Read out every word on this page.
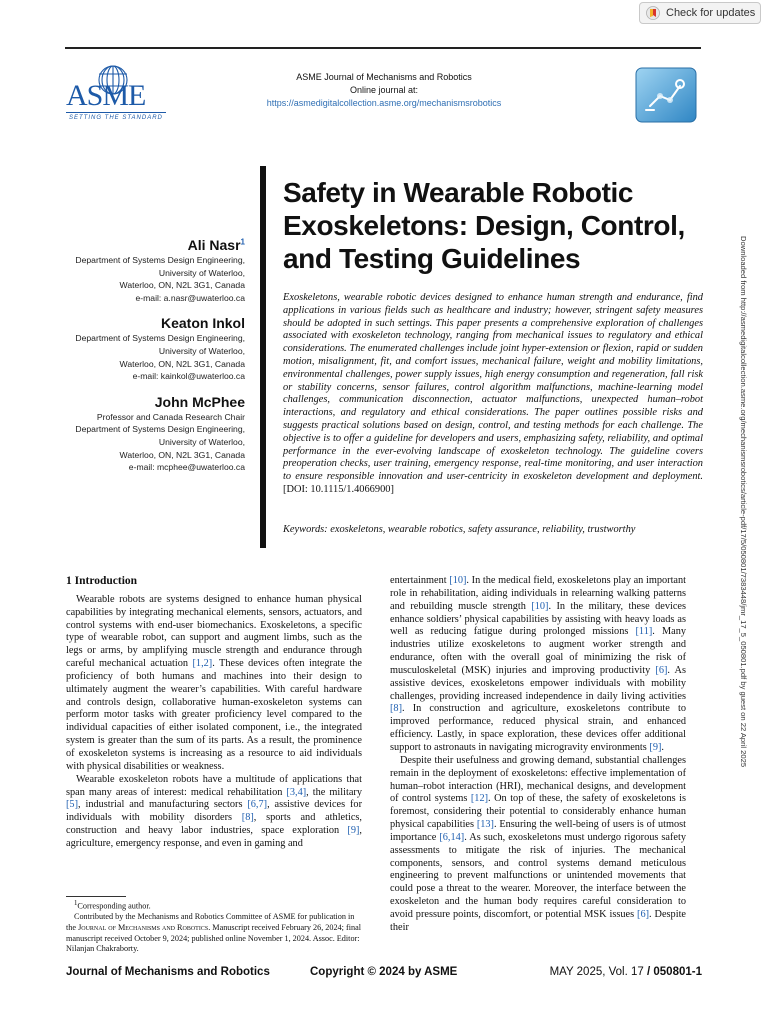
Check for updates
ASME
SETTING THE STANDARD
ASME Journal of Mechanisms and Robotics
Online journal at:
https://asmedigitalcollection.asme.org/mechanismsrobotics
Safety in Wearable Robotic
Exoskeletons: Design, Control,
and Testing Guidelines
Ali Nasr$^1$
Department of Systems Design Engineering,
University of Waterloo,
Waterloo, ON, N2L 3G1, Canada
e-mail: a.nasr@uwaterloo.ca
Keaton Inkol
Department of Systems Design Engineering,
University of Waterloo,
Waterloo, ON, N2L 3G1, Canada
e-mail: kainkol@uwaterloo.ca
John McPhee
Professor and Canada Research Chair
Department of Systems Design Engineering,
University of Waterloo,
Waterloo, ON, N2L 3G1, Canada
e-mail: mcphee@uwaterloo.ca
Exoskeletons, wearable robotic devices designed to enhance human strength and endurance, find applications in various fields such as healthcare and industry; however, stringent safety measures should be adopted in such settings. This paper presents a comprehensive exploration of challenges associated with exoskeleton technology, ranging from mechanical issues to regulatory and ethical considerations. The enumerated challenges include joint hyper-extension or flexion, rapid or sudden motion, misalignment, fit, and comfort issues, mechanical failure, weight and mobility limitations, environmental challenges, power supply issues, high energy consumption and regeneration, fall risk or stability concerns, sensor failures, control algorithm malfunctions, machine-learning model challenges, communication disconnection, actuator malfunctions, unexpected human–robot interactions, and regulatory and ethical considerations. The paper outlines possible risks and suggests practical solutions based on design, control, and testing methods for each challenge. The objective is to offer a guideline for developers and users, emphasizing safety, reliability, and optimal performance in the ever-evolving landscape of exoskeleton technology. The guideline covers preoperation checks, user training, emergency response, real-time monitoring, and user interaction to ensure responsible innovation and user-centricity in exoskeleton development and deployment. [DOI: 10.1115/1.4066900]
Keywords: exoskeletons, wearable robotics, safety assurance, reliability, trustworthy
1 Introduction

Wearable robots are systems designed to enhance human physical capabilities by integrating mechanical elements, sensors, actuators, and control systems with end-user biomechanics. Exoskeletons, a specific type of wearable robot, can support and augment limbs, such as the legs or arms, by amplifying muscle strength and endurance through careful mechanical actuation [1,2]. These devices often integrate the proficiency of both humans and machines into their design to ultimately augment the wearer’s capabilities. With careful hardware and controls design, collaborative human-exoskeleton systems can perform motor tasks with greater proficiency level compared to the individual capacities of either isolated component, i.e., the integrated system is greater than the sum of its parts. As a result, the prominence of exoskeleton systems is increasing as a resource to aid individuals with physical disabilities or weakness.

Wearable exoskeleton robots have a multitude of applications that span many areas of interest: medical rehabilitation [3,4], the military [5], industrial and manufacturing sectors [6,7], assistive devices for individuals with mobility disorders [8], sports and athletics, construction and heavy labor industries, space exploration [9], agriculture, emergency response, and even in gaming and

entertainment [10]. In the medical field, exoskeletons play an important role in rehabilitation, aiding individuals in relearning walking patterns and rebuilding muscle strength [10]. In the military, these devices enhance soldiers’ physical capabilities by assisting with heavy loads as well as reducing fatigue during prolonged missions [11]. Many industries utilize exoskeletons to augment worker strength and endurance, often with the overall goal of minimizing the risk of musculoskeletal (MSK) injuries and improving productivity [6]. As assistive devices, exoskeletons empower individuals with mobility challenges, providing increased independence in daily living activities [8]. In construction and agriculture, exoskeletons contribute to improved performance, reduced physical strain, and enhanced efficiency. Lastly, in space exploration, these devices offer additional support to astronauts in navigating microgravity environments [9].

Despite their usefulness and growing demand, substantial challenges remain in the deployment of exoskeletons: effective implementation of human–robot interaction (HRI), mechanical designs, and development of control systems [12]. On top of these, the safety of exoskeletons is foremost, considering their potential to considerably enhance human physical capabilities [13]. Ensuring the well-being of users is of utmost importance [6,14]. As such, exoskeletons must undergo rigorous safety assessments to mitigate the risk of injuries. The mechanical components, sensors, and control systems demand meticulous engineering to prevent malfunctions or unintended movements that could pose a threat to the wearer. Moreover, the interface between the exoskeleton and the human body requires careful consideration to avoid pressure points, discomfort, or potential MSK issues [6]. Despite their

$^1$Corresponding author.

Contributed by the Mechanisms and Robotics Committee of ASME for publication in the Journal of Mechanisms and Robotics. Manuscript received February 26, 2024; final manuscript received October 9, 2024; published online November 1, 2024. Assoc. Editor: Nilanjan Chakraborty.

Journal of Mechanisms and Robotics	Copyright © 2024 by ASME	MAY 2025, Vol. 17 / 050801-1
Downloaded from http://asmedigitalcollection.asme.org/mechanismsrobotics/article-pdf/17/5/050801/7383448/jmr_17_5_050801.pdf by guest on 22 April 2025
